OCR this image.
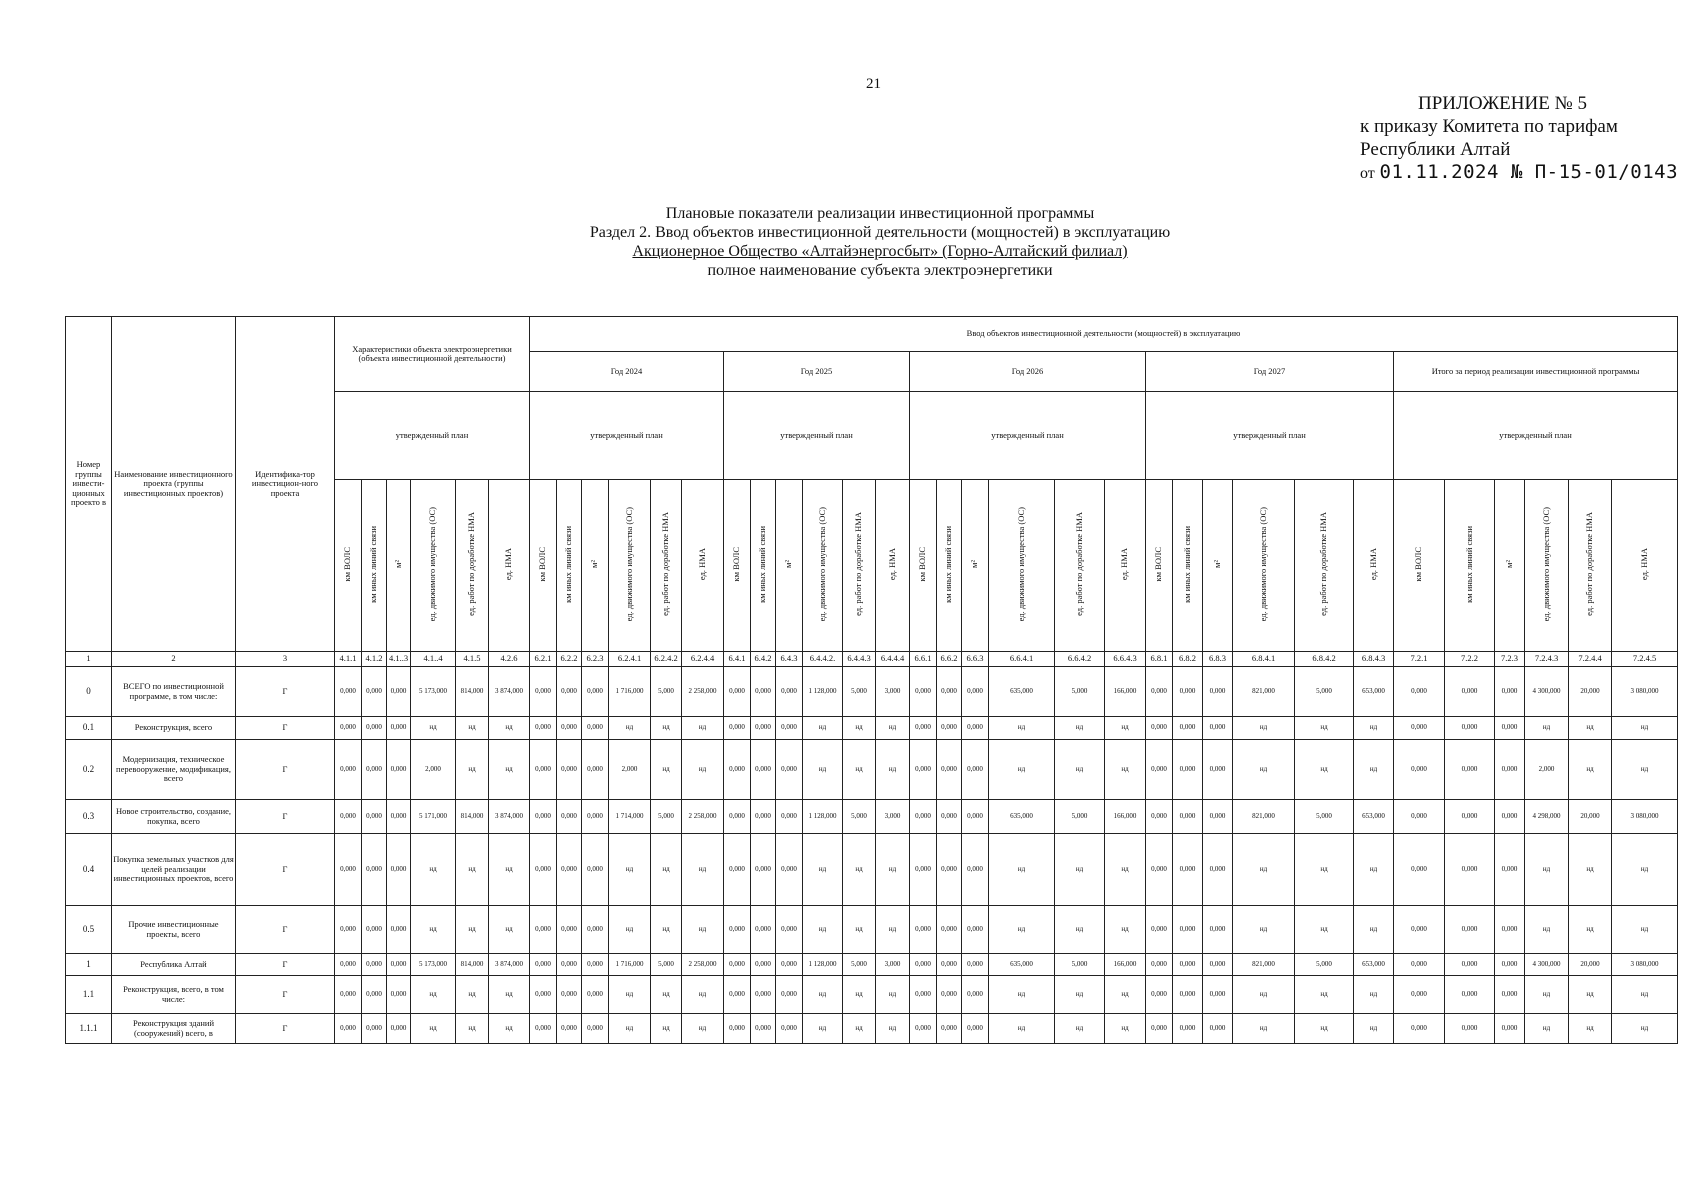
21
ПРИЛОЖЕНИЕ № 5
к приказу Комитета по тарифам
Республики Алтай
от 01.11.2024 № П-15-01/0143
Плановые показатели реализации инвестиционной программы
Раздел 2. Ввод объектов инвестиционной деятельности (мощностей) в эксплуатацию
Акционерное Общество «Алтайэнергосбыт» (Горно-Алтайский филиал)
полное наименование субъекта электроэнергетики
Номер группы инвести-ционных проекто в	Наименование инвестиционного проекта (группы инвестиционных проектов)	Идентифика-тор инвестицион-ного проекта	Характеристики объекта электроэнергетики (объекта инвестиционной деятельности)						Ввод объектов инвестиционной деятельности (мощностей) в эксплуатацию																													
									Год 2024						Год 2025						Год 2026						Год 2027						Итого за период реализации инвестиционной программы					
			утвержденный план						утвержденный план						утвержденный план						утвержденный план						утвержденный план						утвержденный план					
			км ВОЛС	км иных линий связи	м²	ед. движимого имущества (ОС)	ед. работ по доработке НМА	ед. НМА	км ВОЛС	км иных линий связи	м²	ед. движимого имущества (ОС)	ед. работ по доработке НМА	ед. НМА	км ВОЛС	км иных линий связи	м²	ед. движимого имущества (ОС)	ед. работ по доработке НМА	ед. НМА	км ВОЛС	км иных линий связи	м²	ед. движимого имущества (ОС)	ед. работ по доработке НМА	ед. НМА	км ВОЛС	км иных линий связи	м²	ед. движимого имущества (ОС)	ед. работ по доработке НМА	ед. НМА	км ВОЛС	км иных линий связи	м²	ед. движимого имущества (ОС)	ед. работ по доработке НМА	ед. НМА
1	2	3	4.1.1	4.1.2	4.1..3	4.1..4	4.1.5	4.2.6	6.2.1	6.2.2	6.2.3	6.2.4.1	6.2.4.2	6.2.4.4	6.4.1	6.4.2	6.4.3	6.4.4.2.	6.4.4.3	6.4.4.4	6.6.1	6.6.2	6.6.3	6.6.4.1	6.6.4.2	6.6.4.3	6.8.1	6.8.2	6.8.3	6.8.4.1	6.8.4.2	6.8.4.3	7.2.1	7.2.2	7.2.3	7.2.4.3	7.2.4.4	7.2.4.5
0	ВСЕГО по инвестиционной программе, в том числе:	Г	0,000	0,000	0,000	5 173,000	814,000	3 874,000	0,000	0,000	0,000	1 716,000	5,000	2 258,000	0,000	0,000	0,000	1 128,000	5,000	3,000	0,000	0,000	0,000	635,000	5,000	166,000	0,000	0,000	0,000	821,000	5,000	653,000	0,000	0,000	0,000	4 300,000	20,000	3 080,000
0.1	Реконструкция, всего	Г	0,000	0,000	0,000	нд	нд	нд	0,000	0,000	0,000	нд	нд	нд	0,000	0,000	0,000	нд	нд	нд	0,000	0,000	0,000	нд	нд	нд	0,000	0,000	0,000	нд	нд	нд	0,000	0,000	0,000	нд	нд	нд
0.2	Модернизация, техническое перевооружение, модификация, всего	Г	0,000	0,000	0,000	2,000	нд	нд	0,000	0,000	0,000	2,000	нд	нд	0,000	0,000	0,000	нд	нд	нд	0,000	0,000	0,000	нд	нд	нд	0,000	0,000	0,000	нд	нд	нд	0,000	0,000	0,000	2,000	нд	нд
0.3	Новое строительство, создание, покупка, всего	Г	0,000	0,000	0,000	5 171,000	814,000	3 874,000	0,000	0,000	0,000	1 714,000	5,000	2 258,000	0,000	0,000	0,000	1 128,000	5,000	3,000	0,000	0,000	0,000	635,000	5,000	166,000	0,000	0,000	0,000	821,000	5,000	653,000	0,000	0,000	0,000	4 298,000	20,000	3 080,000
0.4	Покупка земельных участков для целей реализации инвестиционных проектов, всего	Г	0,000	0,000	0,000	нд	нд	нд	0,000	0,000	0,000	нд	нд	нд	0,000	0,000	0,000	нд	нд	нд	0,000	0,000	0,000	нд	нд	нд	0,000	0,000	0,000	нд	нд	нд	0,000	0,000	0,000	нд	нд	нд
0.5	Прочие инвестиционные проекты, всего	Г	0,000	0,000	0,000	нд	нд	нд	0,000	0,000	0,000	нд	нд	нд	0,000	0,000	0,000	нд	нд	нд	0,000	0,000	0,000	нд	нд	нд	0,000	0,000	0,000	нд	нд	нд	0,000	0,000	0,000	нд	нд	нд
1	Республика Алтай	Г	0,000	0,000	0,000	5 173,000	814,000	3 874,000	0,000	0,000	0,000	1 716,000	5,000	2 258,000	0,000	0,000	0,000	1 128,000	5,000	3,000	0,000	0,000	0,000	635,000	5,000	166,000	0,000	0,000	0,000	821,000	5,000	653,000	0,000	0,000	0,000	4 300,000	20,000	3 080,000
1.1	Реконструкция, всего, в том числе:	Г	0,000	0,000	0,000	нд	нд	нд	0,000	0,000	0,000	нд	нд	нд	0,000	0,000	0,000	нд	нд	нд	0,000	0,000	0,000	нд	нд	нд	0,000	0,000	0,000	нд	нд	нд	0,000	0,000	0,000	нд	нд	нд
1.1.1	Реконструкция зданий (сооружений) всего, в	Г	0,000	0,000	0,000	нд	нд	нд	0,000	0,000	0,000	нд	нд	нд	0,000	0,000	0,000	нд	нд	нд	0,000	0,000	0,000	нд	нд	нд	0,000	0,000	0,000	нд	нд	нд	0,000	0,000	0,000	нд	нд	нд
